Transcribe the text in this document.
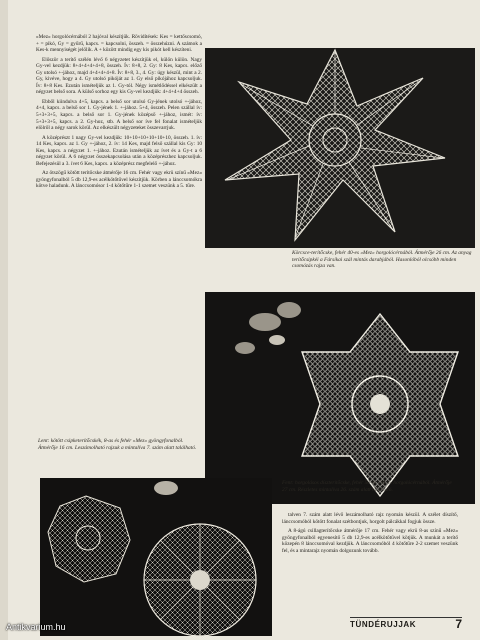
»Mez« horgolócérnából 2 hajóval készítjük. Rövidítések: Kes = kettőscsomó, + = pikó, Gy = gyűrű, kapcs. = kapcsolni, összeh. = összehúzni. A számok a Kes-k mennyiségét jelölik. A + között mindig egy kis pikót kell készíteni.

Először a terítő szélén lévő 6 négyzetet készítjük el, külön külön. Nagy Gy-vel kezdjük: 8+4+4+4+4+8, összeh. Ív: 8+8, 2. Gy: 8 Kes, kapcs. előző Gy utolsó +-jához, majd 4+4+4+4+8. Ív: 8+8, 3., 4. Gy: úgy készül, mint a 2. Gy, kivéve, hogy a 4. Gy utolsó pikóját az 1. Gy első pikójához kapcsoljuk. Ív: 8+8 Kes. Ezután ismételjük az 1. Gy-tól. Négy ismétlődéssel elkészült a négyzet belső sora. A külső sorhoz egy kis Gy-vel kezdjük: 4+4+4+4 összeh.

Ebből kiindulva 4+5, kapcs. a belső sor utolsó Gy-jének utolsó +-jához, 4+4, kapcs. a belső sor 1. Gy-jének 1. +-jához. 5+4, összeh. Pelen szállal ív: 5+3+3+5, kapcs. a belső sor 1. Gy-jének középső +-jához, ismét: ív: 5+3+3+5, kapcs. a 2. Gy-hoz, stb. A belső sor íve fel fonalat ismételjük elölről a négy sarok körül. Az elkészült négyzeteket összevarrjuk.

A középrészt 1 nagy Gy-vel kezdjük: 10+10+10+10+10+10, összeh. 1. ív: 14 Kes, kapcs. az 1. Gy +-jához, 2. ív: 14 Kes, majd felső szállal kis Gy: 10 Kes, kapcs. a négyzet 1. +-jához. Ezután ismételjük az ívet és a Gy-t a 6 négyzet körül. A 6 négyzet összekapcsolása után a középrészhez kapcsoljuk. Befejezésül a 3. ívet 6 Kes, kapcs. a középrész megfelelő +-jához.

Az ötszögű kötött terítőcske átmérője 16 cm. Fehér vagy ekrü színű »Mez« gyöngyfonalból 5 db 12,9-es acélkötőtűvel készítjük. Körben a lánccsomókra kötve haladunk. A lánccsomósor 1-4 kötőtűre 1-1 szemet veszünk a 5. tűre.

Körcsce-terítőcske, fehér 40-es »Mez« horgolócérnából. Átmérője 26 cm. Az anyag terítőcsipkéi a Fársikai szál mintás darabjából. Hasonlóból olcsóbb minden csomózás rajza van.
Lent: kötött csipketerítőcskék, 8-as és fehér »Mez« gyöngyfonalból. Átmérője 16 cm. Leszámolható rajzuk a mintalíva 7. szám alatt található.
Fent: horgolásos díszterítőcske, fehér 50-es »Mez« horgolócérnából. Átmérője 27 cm. Részletes mintalíva 26. szám alatt található.

talven 7. szám alatt lévő leszámolható rajz nyomán készül. A szélet díszítő, lánccsomóból kötött fonalat szétbontjuk, horgolt pálcákkal fogjuk össze.

A 8-ágú csillagterítőcske átmérője 17 cm. Fehér vagy ekrü 8-as színű »Mez« gyöngyfonalból egyenesítő 5 db 12,9-es acélkötőtűvel kötjük. A munkát a terítő közepén 8 lánccsomóval kezdjük. A lánccsomóból 4 kötőtűre 2-2 szemet veszünk fel, és a mintarajz nyomán dolgozunk tovább.

TÜNDÉRUJJAK	7
Antikvarium.hu
